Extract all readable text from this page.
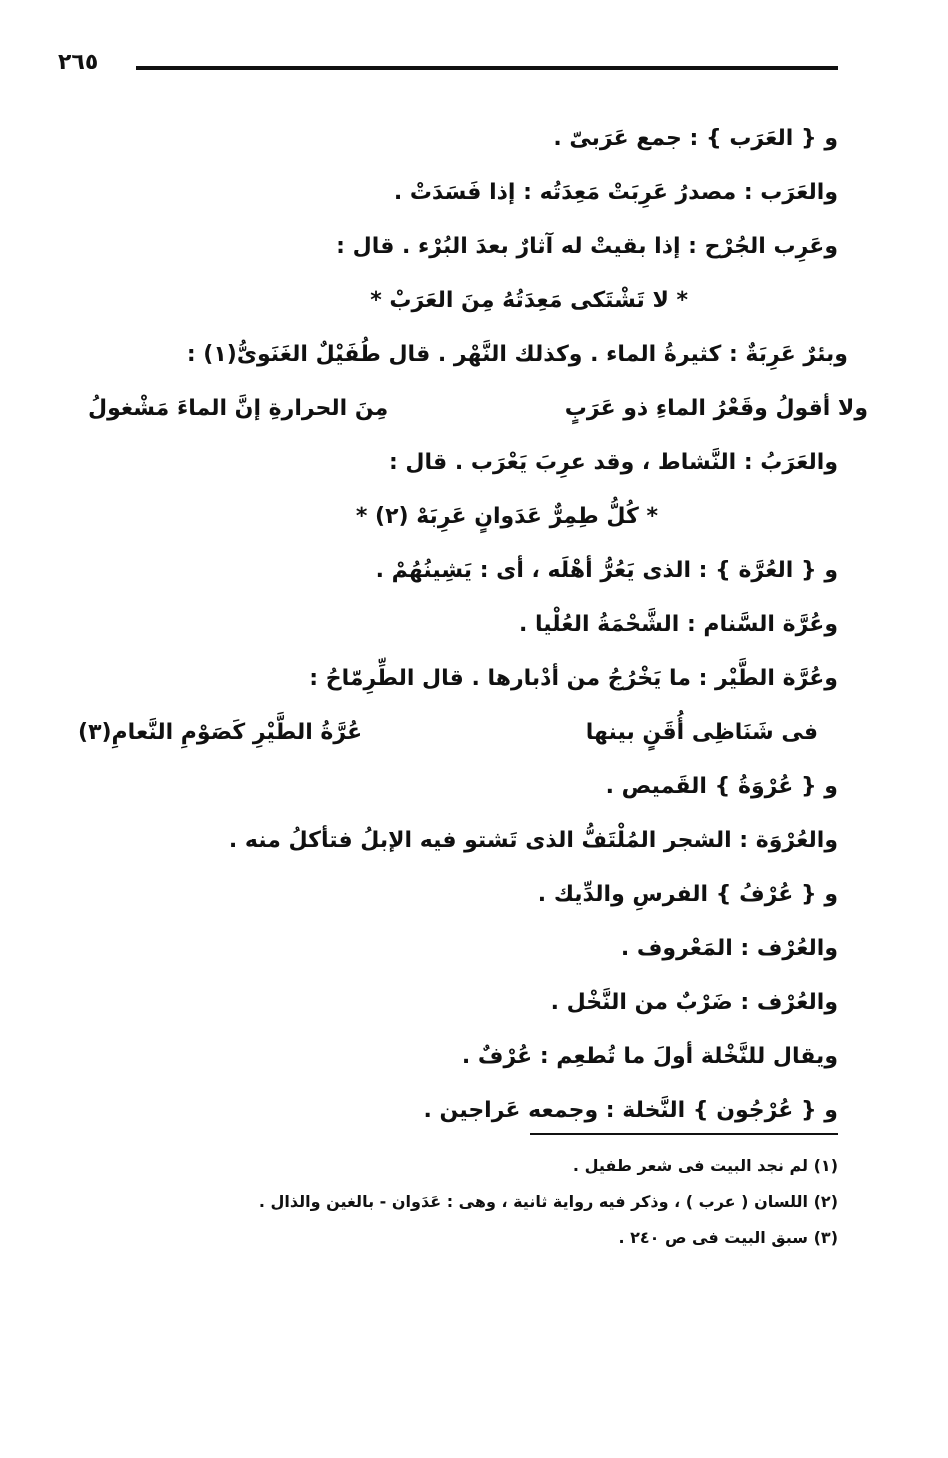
٢٦٥
و { العَرَب } : جمع عَرَبىّ .
والعَرَب : مصدرُ عَرِبَتْ مَعِدَتُه : إذا فَسَدَتْ .
وعَرِب الجُرْح : إذا بقيتْ له آثارٌ بعدَ البُرْء . قال :
* لا تَشْتَكى مَعِدَتُهُ مِنَ العَرَبْ *
وبئرٌ عَرِبَةٌ : كثيرةُ الماء . وكذلك النَّهْر . قال طُفَيْلٌ الغَنَوىُّ(١) :
ولا أقولُ وقَعْرُ الماءِ ذو عَرَبٍ
مِنَ الحرارةِ إنَّ الماءَ مَشْغولُ
والعَرَبُ : النَّشاط ، وقد عرِبَ يَعْرَب . قال :
* كُلُّ طِمِرٌّ عَدَوانٍ عَرِبَهْ (٢) *
و { العُرَّة } : الذى يَعُرُّ أهْلَه ، أى : يَشِينُهُمْ .
وعُرَّة السَّنام : الشَّحْمَةُ العُلْيا .
وعُرَّة الطَّيْر : ما يَخْرُجُ من أدْبارها . قال الطِّرِمّاحُ :
فى شَنَاظِى أُقَنٍ بينها
عُرَّةُ الطَّيْرِ كَصَوْمِ النَّعامِ(٣)
و { عُرْوَةُ } القَميص .
والعُرْوَة : الشجر المُلْتَفُّ الذى تَشتو فيه الإبلُ فتأكلُ منه .
و { عُرْفُ } الفرسِ والدِّيك .
والعُرْف : المَعْروف .
والعُرْف : ضَرْبٌ من النَّخْل .
ويقال للنَّخْلة أولَ ما تُطعِم : عُرْفٌ .
و { عُرْجُون } النَّخلة : وجمعه عَراجين .
(١) لم نجد البيت فى شعر طفيل .
(٢) اللسان ( عرب ) ، وذكر فيه رواية ثانية ، وهى : عَدَوان - بالغين والذال .
(٣) سبق البيت فى ص ٢٤٠ .
